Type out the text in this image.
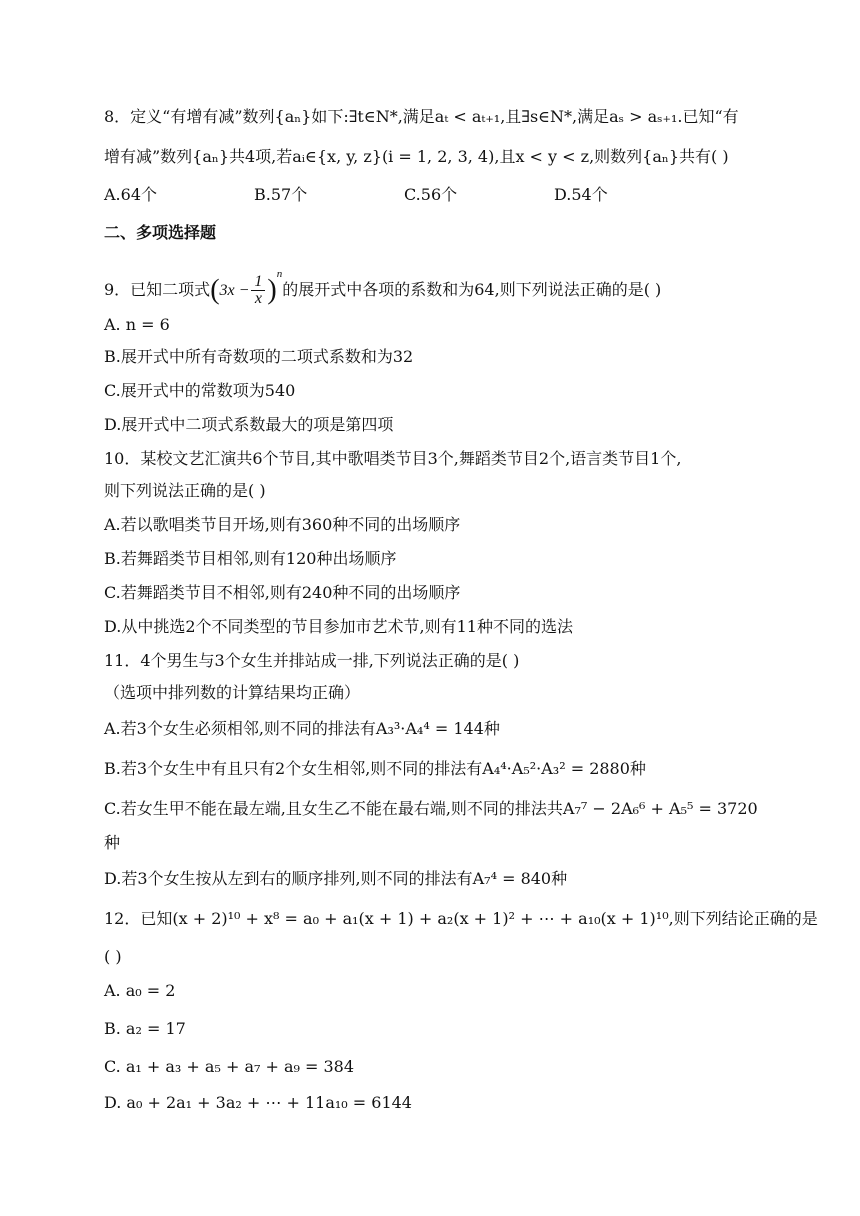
8．定义“有增有减”数列{aₙ}如下:∃t∈N*,满足aₜ < aₜ₊₁,且∃s∈N*,满足aₛ > aₛ₊₁.已知“有
增有减”数列{aₙ}共4项,若aᵢ∈{x, y, z}(i = 1, 2, 3, 4),且x < y < z,则数列{aₙ}共有( )
A.64个	B.57个	C.56个	D.54个
二、多项选择题
9．已知二项式$(3x - \frac{1}{x} )^n$的展开式中各项的系数和为64,则下列说法正确的是( )
A. n = 6
B.展开式中所有奇数项的二项式系数和为32
C.展开式中的常数项为540
D.展开式中二项式系数最大的项是第四项
10．某校文艺汇演共6个节目,其中歌唱类节目3个,舞蹈类节目2个,语言类节目1个,
则下列说法正确的是( )
A.若以歌唱类节目开场,则有360种不同的出场顺序
B.若舞蹈类节目相邻,则有120种出场顺序
C.若舞蹈类节目不相邻,则有240种不同的出场顺序
D.从中挑选2个不同类型的节目参加市艺术节,则有11种不同的选法
11．4个男生与3个女生并排站成一排,下列说法正确的是( )
（选项中排列数的计算结果均正确）
A.若3个女生必须相邻,则不同的排法有A₃³·A₄⁴ = 144种
B.若3个女生中有且只有2个女生相邻,则不同的排法有A₄⁴·A₅²·A₃² = 2880种
C.若女生甲不能在最左端,且女生乙不能在最右端,则不同的排法共A₇⁷ − 2A₆⁶ + A₅⁵ = 3720
种
D.若3个女生按从左到右的顺序排列,则不同的排法有A₇⁴ = 840种
12．已知(x + 2)¹⁰ + x⁸ = a₀ + a₁(x + 1) + a₂(x + 1)² + ⋯ + a₁₀(x + 1)¹⁰,则下列结论正确的是
( )
A. a₀ = 2
B. a₂ = 17
C. a₁ + a₃ + a₅ + a₇ + a₉ = 384
D. a₀ + 2a₁ + 3a₂ + ⋯ + 11a₁₀ = 6144
